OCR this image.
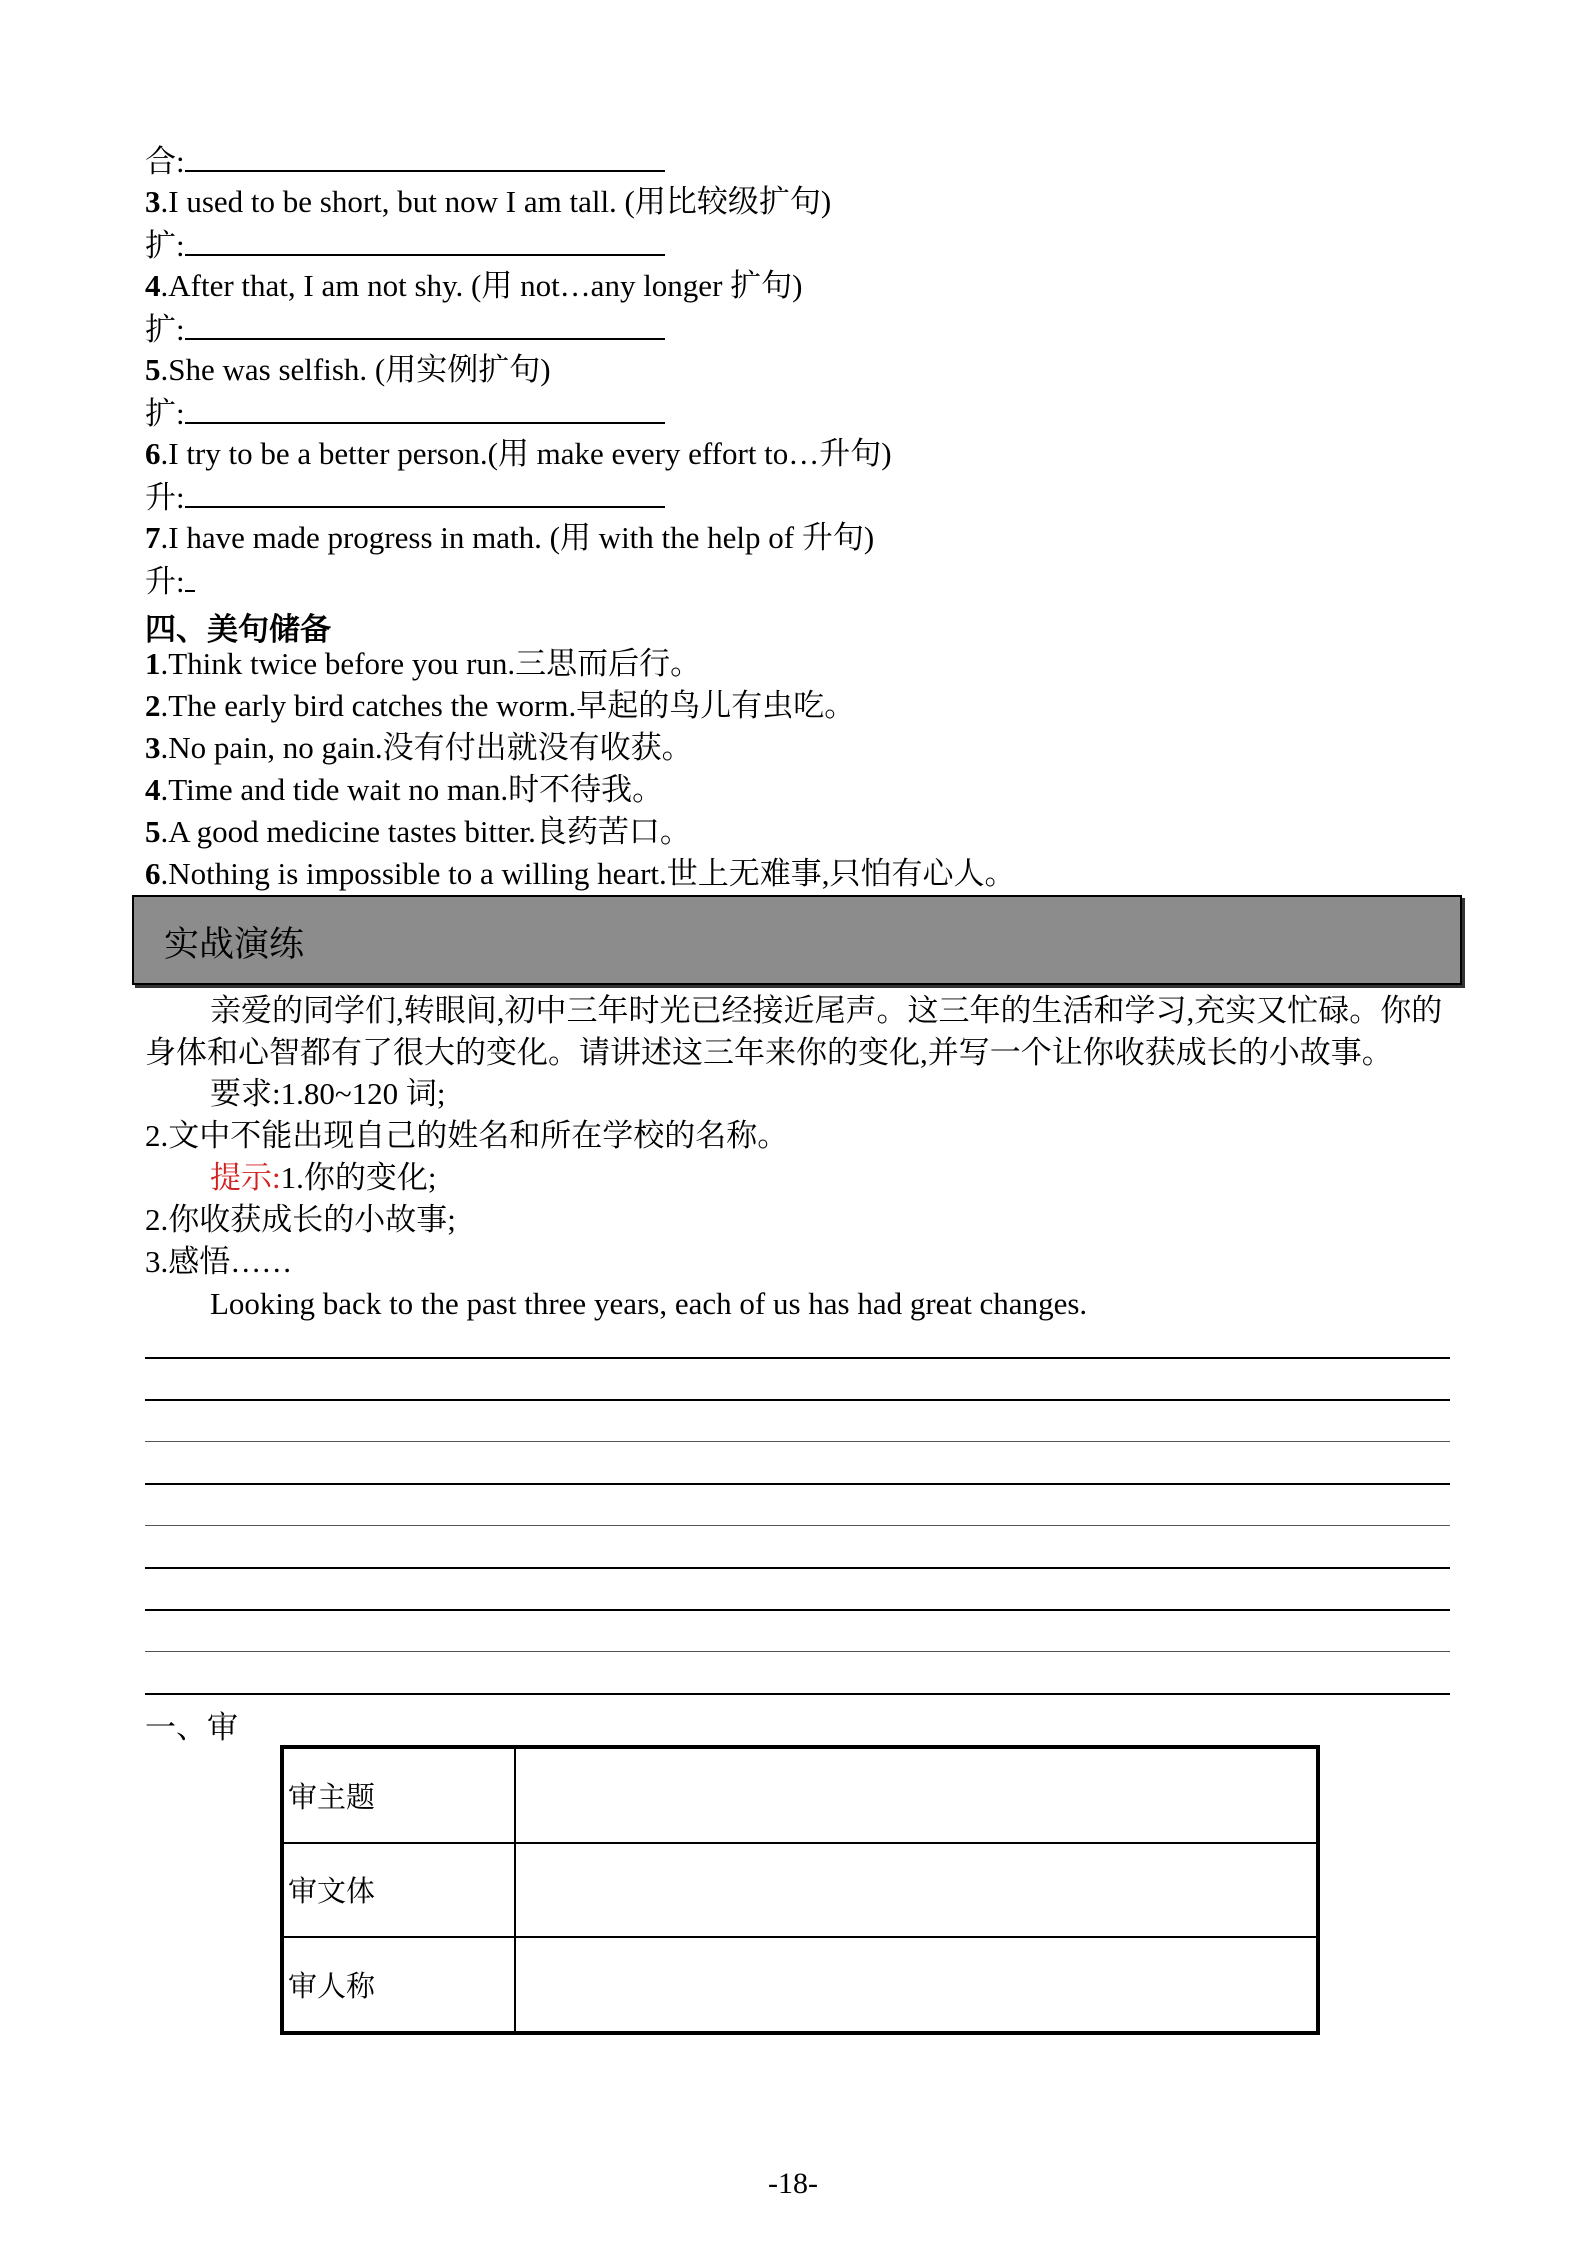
合:
3.I used to be short, but now I am tall. (用比较级扩句)
扩:
4.After that, I am not shy. (用 not…any longer 扩句)
扩:
5.She was selfish. (用实例扩句)
扩:
6.I try to be a better person.(用 make every effort to…升句)
升:
7.I have made progress in math. (用 with the help of 升句)
升:
四、美句储备
1.Think twice before you run.三思而后行。
2.The early bird catches the worm.早起的鸟儿有虫吃。
3.No pain, no gain.没有付出就没有收获。
4.Time and tide wait no man.时不待我。
5.A good medicine tastes bitter.良药苦口。
6.Nothing is impossible to a willing heart.世上无难事,只怕有心人。
实战演练
亲爱的同学们,转眼间,初中三年时光已经接近尾声。这三年的生活和学习,充实又忙碌。你的身体和心智都有了很大的变化。请讲述这三年来你的变化,并写一个让你收获成长的小故事。
要求:1.80~120 词;
2.文中不能出现自己的姓名和所在学校的名称。
提示:1.你的变化;
2.你收获成长的小故事;
3.感悟……
Looking back to the past three years, each of us has had great changes.
一、审
审主题	
审文体	
审人称	
-18-
